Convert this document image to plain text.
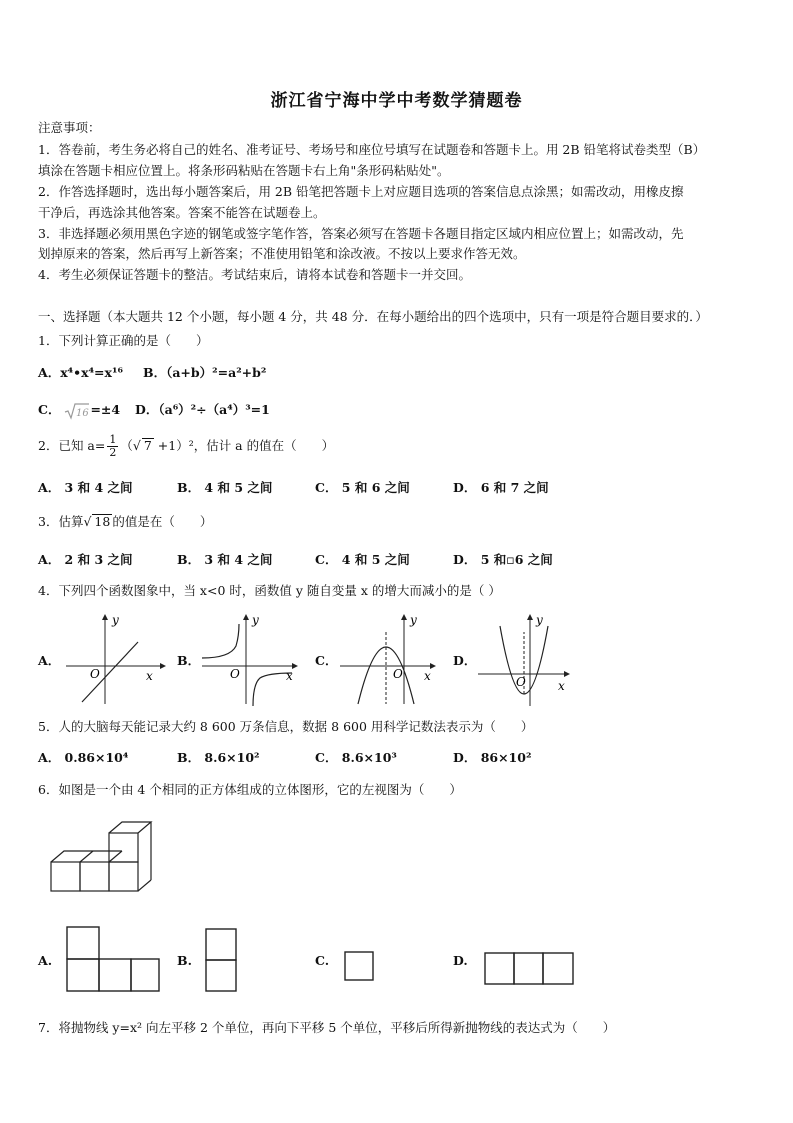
浙江省宁海中学中考数学猜题卷
注意事项：
1．答卷前，考生务必将自己的姓名、准考证号、考场号和座位号填写在试题卷和答题卡上。用 2B 铅笔将试卷类型（B）
填涂在答题卡相应位置上。将条形码粘贴在答题卡右上角"条形码粘贴处"。
2．作答选择题时，选出每小题答案后，用 2B 铅笔把答题卡上对应题目选项的答案信息点涂黑；如需改动，用橡皮擦
干净后，再选涂其他答案。答案不能答在试题卷上。
3．非选择题必须用黑色字迹的钢笔或签字笔作答，答案必须写在答题卡各题目指定区域内相应位置上；如需改动，先
划掉原来的答案，然后再写上新答案；不准使用铅笔和涂改液。不按以上要求作答无效。
4．考生必须保证答题卡的整洁。考试结束后，请将本试卷和答题卡一并交回。
一、选择题（本大题共 12 个小题，每小题 4 分，共 48 分．在每小题给出的四个选项中，只有一项是符合题目要求的．）
1．下列计算正确的是（　　）
A．x⁴•x⁴=x¹⁶ B．（a+b）²=a²+b²
C． 16 =±4 D．（a⁶）²÷（a⁴）³=1
2．已知 $a= \frac{1}{2}$ （√ 7 +1）²，估计 a 的值在（　　）
A． 3 和 4 之间	B． 4 和 5 之间	C． 5 和 6 之间	D． 6 和 7 之间
3．估算√ 18 的值是在（　　）
A． 2 和 3 之间	B． 3 和 4 之间	C． 4 和 5 之间	D． 5 和▫6 之间
4．下列四个函数图象中，当 x<0 时，函数值 y 随自变量 x 的增大而减小的是（ ）
A．	B．	C．	D．
x
y
O	x
y
O	x
y
O
x
y
O
5．人的大脑每天能记录大约 8 600 万条信息，数据 8 600 用科学记数法表示为（　　）
A． 0.86×10⁴	B． 8.6×10²	C． 8.6×10³	D． 86×10²
6．如图是一个由 4 个相同的正方体组成的立体图形，它的左视图为（　　）
A.	B.	C.	D.
7．将抛物线 y=x² 向左平移 2 个单位，再向下平移 5 个单位，平移后所得新抛物线的表达式为（　　）
